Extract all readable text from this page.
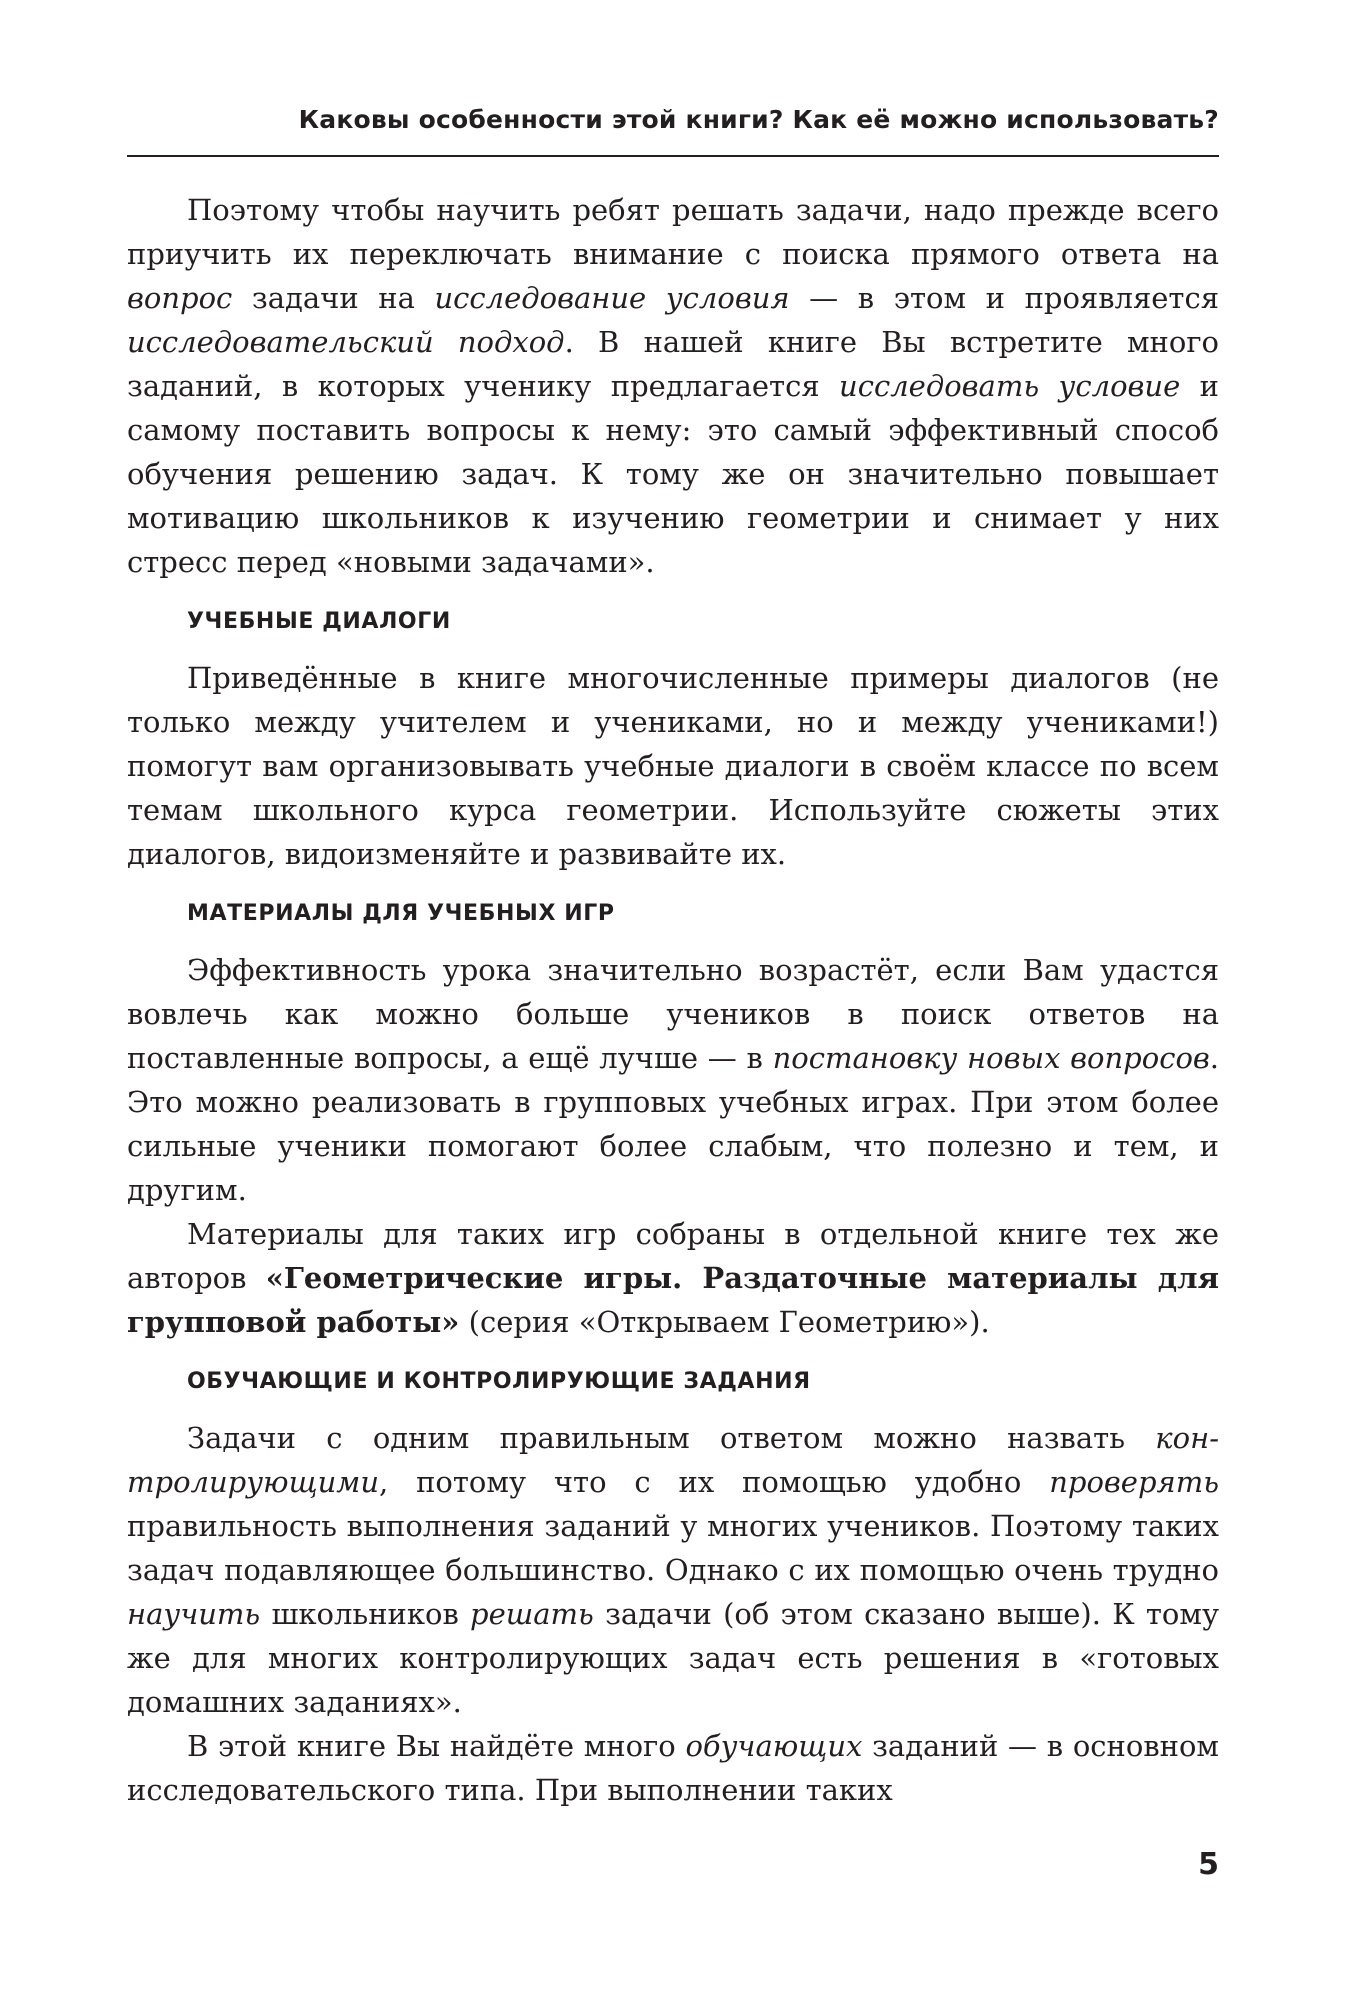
Каковы особенности этой книги? Как её можно использовать?

Поэтому чтобы научить ребят решать задачи, надо прежде всего приучить их переключать внимание с поиска прямого ответа на вопрос задачи на исследование условия — в этом и проявляется исследовательский подход. В нашей книге Вы встретите много заданий, в которых ученику предлагается исследовать условие и самому поставить вопросы к нему: это самый эффективный способ обучения решению задач. К тому же он значительно повышает мотивацию школьников к изучению геометрии и снимает у них стресс перед «новыми задачами».

УЧЕБНЫЕ ДИАЛОГИ

Приведённые в книге многочисленные примеры диалогов (не только между учителем и учениками, но и между учениками!) помогут вам организовывать учебные диалоги в своём классе по всем темам школьного курса геометрии. Используйте сюжеты этих диалогов, видоизменяйте и развивайте их.

МАТЕРИАЛЫ ДЛЯ УЧЕБНЫХ ИГР

Эффективность урока значительно возрастёт, если Вам удастся вовлечь как можно больше учеников в поиск ответов на поставленные вопросы, а ещё лучше — в постановку новых вопросов. Это можно реализовать в групповых учебных играх. При этом более сильные ученики помогают более слабым, что полезно и тем, и другим.

Материалы для таких игр собраны в отдельной книге тех же авторов «Геометрические игры. Раздаточные материалы для групповой работы» (серия «Открываем Геометрию»).

ОБУЧАЮЩИЕ И КОНТРОЛИРУЮЩИЕ ЗАДАНИЯ

Задачи с одним правильным ответом можно назвать контролирующими, потому что с их помощью удобно проверять правильность выполнения заданий у многих учеников. Поэтому таких задач подавляющее большинство. Однако с их помощью очень трудно научить школьников решать задачи (об этом сказано выше). К тому же для многих контролирующих задач есть решения в «готовых домашних заданиях».

В этой книге Вы найдёте много обучающих заданий — в основном исследовательского типа. При выполнении таких

5
